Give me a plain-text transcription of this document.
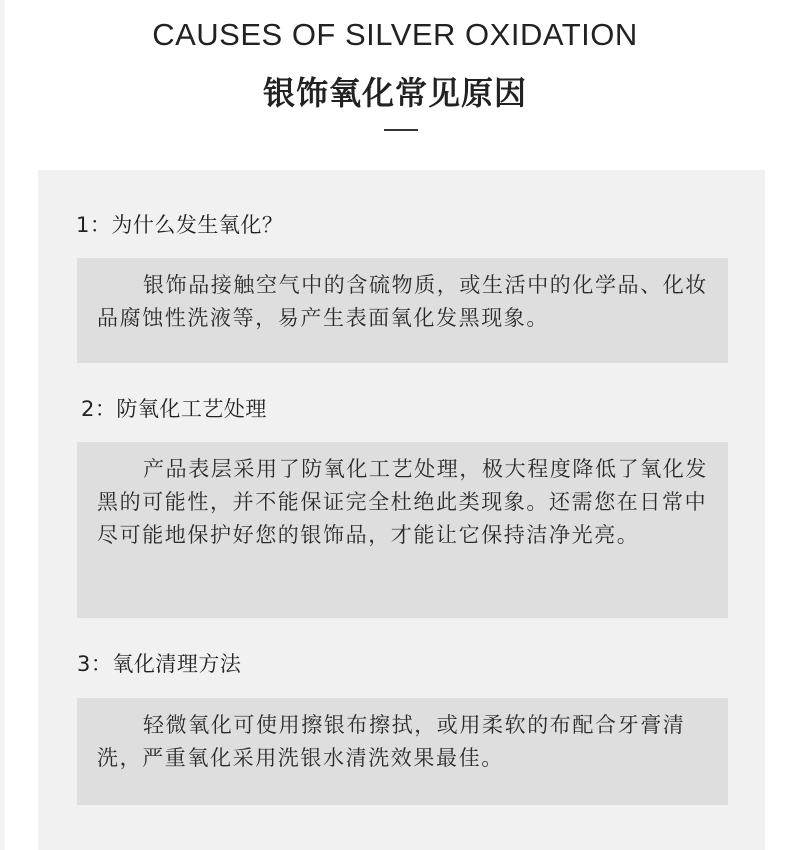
CAUSES OF SILVER OXIDATION
银饰氧化常见原因
1：为什么发生氧化？

银饰品接触空气中的含硫物质，或生活中的化学品、化妆品腐蚀性洗液等，易产生表面氧化发黑现象。

2：防氧化工艺处理

产品表层采用了防氧化工艺处理，极大程度降低了氧化发黑的可能性，并不能保证完全杜绝此类现象。还需您在日常中尽可能地保护好您的银饰品，才能让它保持洁净光亮。

3：氧化清理方法

轻微氧化可使用擦银布擦拭，或用柔软的布配合牙膏清洗，严重氧化采用洗银水清洗效果最佳。
